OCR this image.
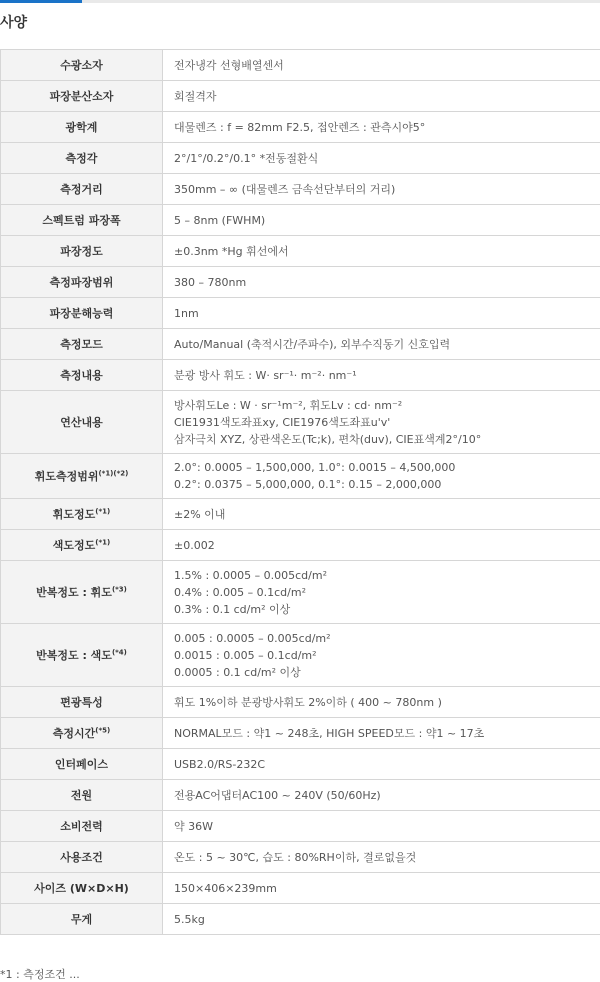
사양
수광소자	전자냉각 선형배열센서

파장분산소자	회절격자

광학계	대물렌즈 : f = 82mm F2.5, 접안렌즈 : 관측시야5°

측정각	2°/1°/0.2°/0.1° *전동절환식

측정거리	350mm – ∞ (대물렌즈 금속선단부터의 거리)

스펙트럼 파장폭	5 – 8nm (FWHM)

파장정도	±0.3nm *Hg 휘선에서

측정파장범위	380 – 780nm

파장분해능력	1nm

측정모드	Auto/Manual (축적시간/주파수), 외부수직동기 신호입력

측정내용	분광 방사 휘도 : W· sr⁻¹· m⁻²· nm⁻¹

연산내용	방사휘도Le : W · sr⁻¹m⁻², 휘도Lv : cd· nm⁻²
CIE1931색도좌표xy, CIE1976색도좌표u'v'
삼자극치 XYZ, 상관색온도(Tc;k), 편차(duv), CIE표색계2°/10°

휘도측정범위$^{(*1)(*2)}$	2.0°: 0.0005 – 1,500,000, 1.0°: 0.0015 – 4,500,000
0.2°: 0.0375 – 5,000,000, 0.1°: 0.15 – 2,000,000

휘도정도$^{(*1)}$	±2% 이내

색도정도$^{(*1)}$	±0.002

반복정도 : 휘도$^{(*3)}$	1.5% : 0.0005 – 0.005cd/m²
0.4% : 0.005 – 0.1cd/m²
0.3% : 0.1 cd/m² 이상

반복정도 : 색도$^{(*4)}$	0.005 : 0.0005 – 0.005cd/m²
0.0015 : 0.005 – 0.1cd/m²
0.0005 : 0.1 cd/m² 이상

편광특성	휘도 1%이하 분광방사휘도 2%이하 ( 400 ~ 780nm )

측정시간$^{(*5)}$	NORMAL모드 : 약1 ~ 248초, HIGH SPEED모드 : 약1 ~ 17초

인터페이스	USB2.0/RS-232C

전원	전용AC어댑터AC100 ~ 240V (50/60Hz)

소비전력	약 36W

사용조건	온도 : 5 ~ 30℃, 습도 : 80%RH이하, 결로없을것

사이즈 (W×D×H)	150×406×239mm

무게	5.5kg
*1 : 측정조건 ...
